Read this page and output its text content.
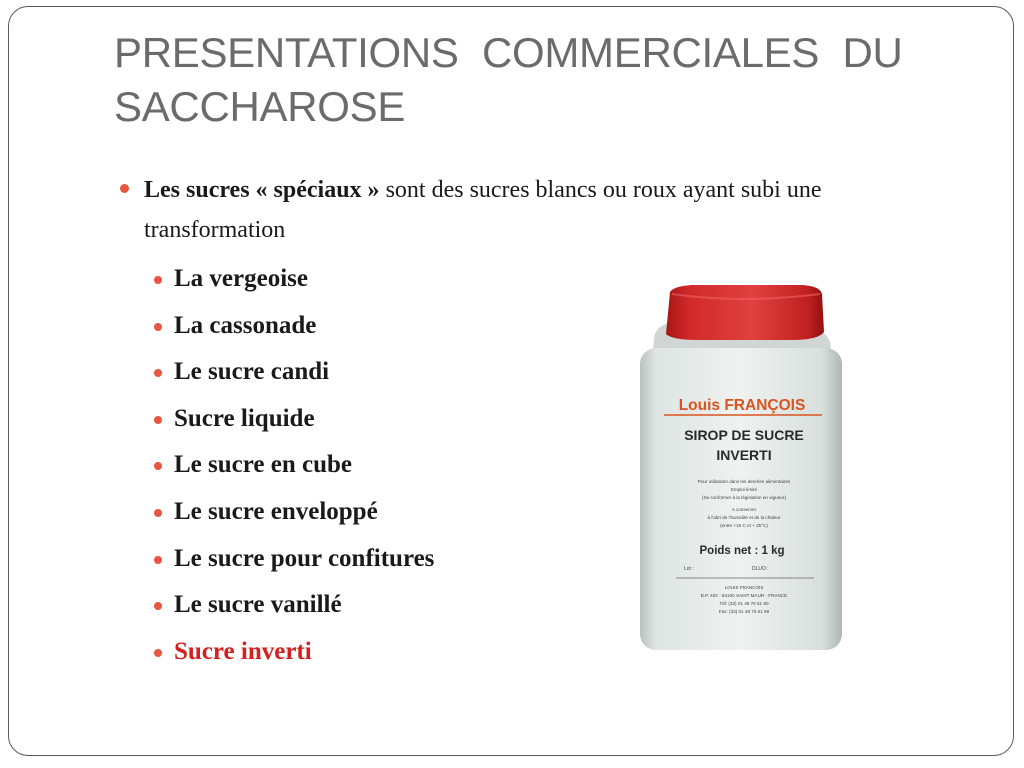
PRESENTATIONS COMMERCIALES DU
SACCHAROSE
Les sucres « spéciaux » sont des sucres blancs ou roux ayant subi une transformation
La vergeoise
La cassonade
Le sucre candi
Sucre liquide
Le sucre en cube
Le sucre enveloppé
Le sucre pour confitures
Le sucre vanillé
Sucre inverti
Louis FRANÇOIS
SIROP DE SUCRE
INVERTI
Pour utilisation dans les denrées alimentaires
Emploi limité
(Se conformer à la législation en vigueur)
A conserver
à l'abri de l'humidité et de la chaleur
(entre +15 C et + 25°C)
Poids net : 1 kg
Lot :	DLUO :
LOUIS FRANCOIS
B.P. 402 - 94100 SAINT MAUR - FRANCE
Tél: (33) 01 49 76 51 80
Fax: (33) 01 49 76 51 99
